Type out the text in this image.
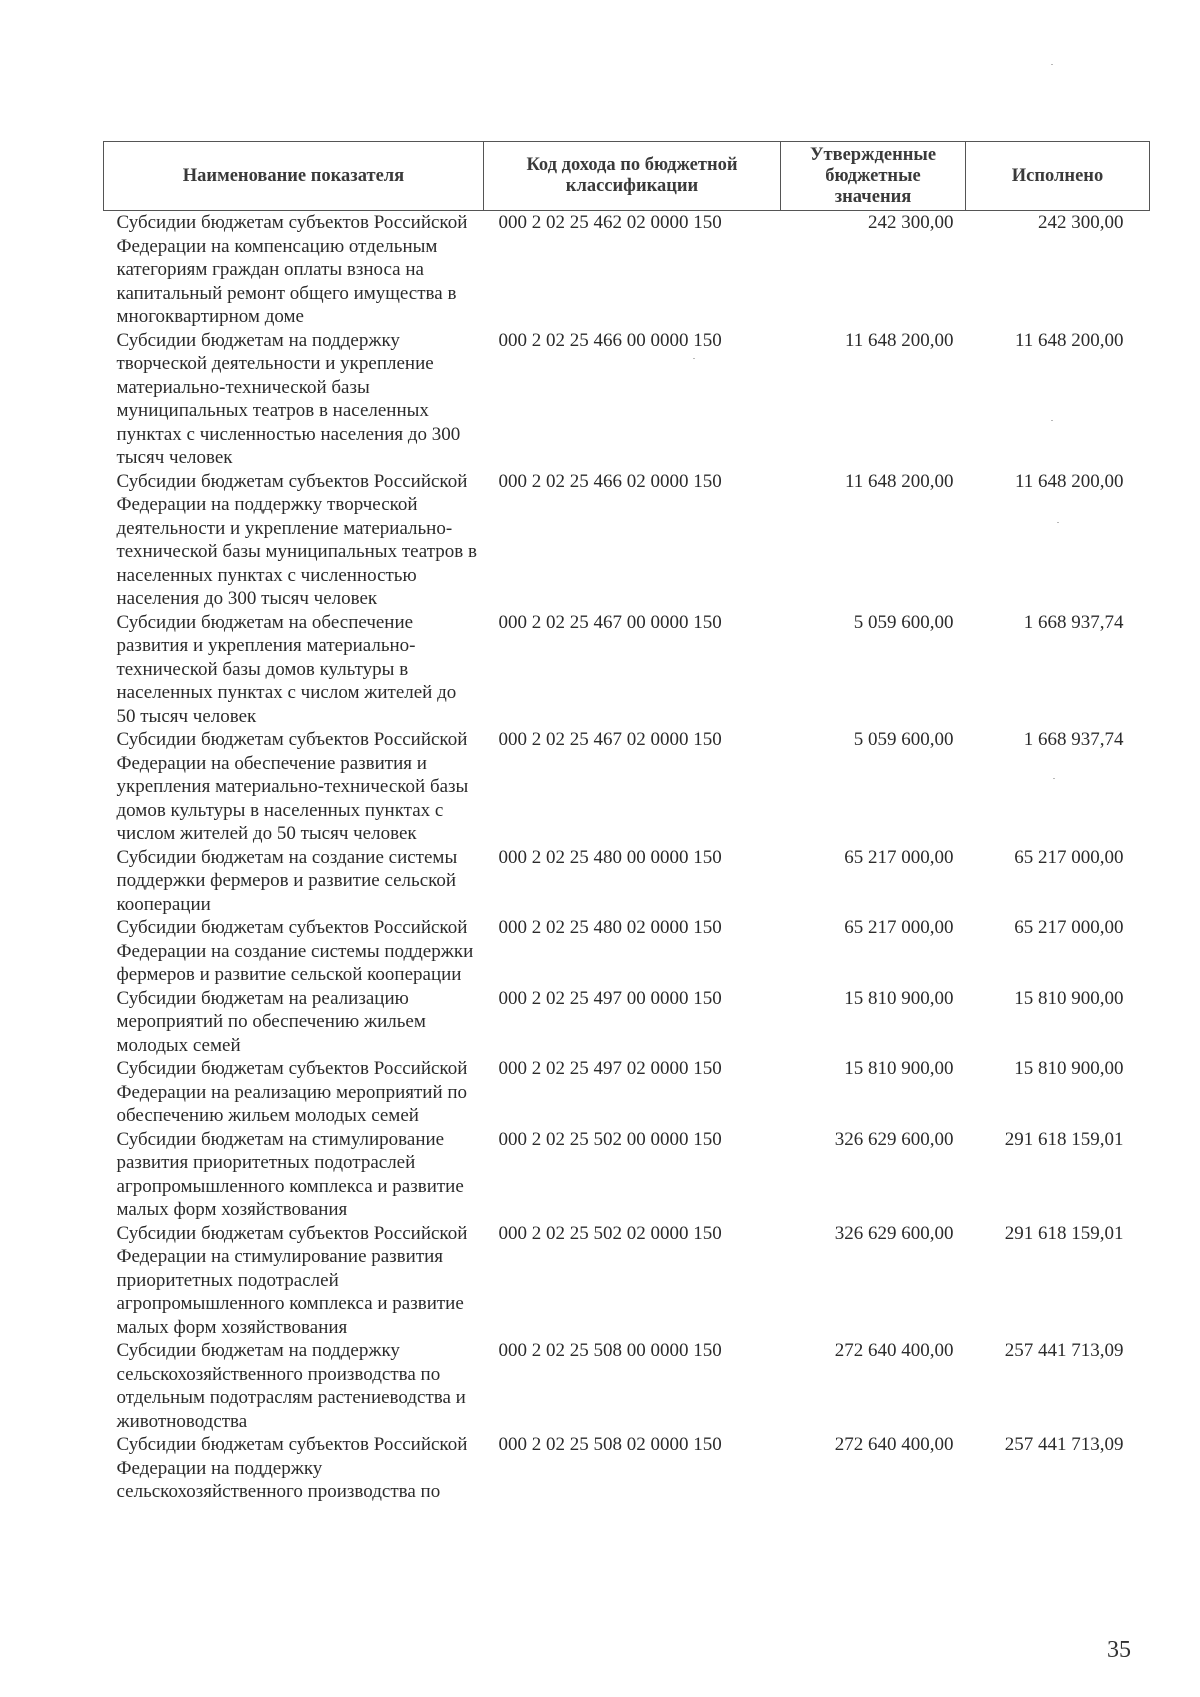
Наименование показателя	Код дохода по бюджетной классификации	Утвержденные бюджетные значения	Исполнено
Субсидии бюджетам субъектов Российской Федерации на компенсацию отдельным категориям граждан оплаты взноса на капитальный ремонт общего имущества в многоквартирном доме	000 2 02 25 462 02 0000 150	242 300,00	242 300,00
Субсидии бюджетам на поддержку творческой деятельности и укрепление материально-технической базы муниципальных театров в населенных пунктах с численностью населения до 300 тысяч человек	000 2 02 25 466 00 0000 150	11 648 200,00	11 648 200,00
Субсидии бюджетам субъектов Российской Федерации на поддержку творческой деятельности и укрепление материально-технической базы муниципальных театров в населенных пунктах с численностью населения до 300 тысяч человек	000 2 02 25 466 02 0000 150	11 648 200,00	11 648 200,00
Субсидии бюджетам на обеспечение развития и укрепления материально-технической базы домов культуры в населенных пунктах с числом жителей до 50 тысяч человек	000 2 02 25 467 00 0000 150	5 059 600,00	1 668 937,74
Субсидии бюджетам субъектов Российской Федерации на обеспечение развития и укрепления материально-технической базы домов культуры в населенных пунктах с числом жителей до 50 тысяч человек	000 2 02 25 467 02 0000 150	5 059 600,00	1 668 937,74
Субсидии бюджетам на создание системы поддержки фермеров и развитие сельской кооперации	000 2 02 25 480 00 0000 150	65 217 000,00	65 217 000,00
Субсидии бюджетам субъектов Российской Федерации на создание системы поддержки фермеров и развитие сельской кооперации	000 2 02 25 480 02 0000 150	65 217 000,00	65 217 000,00
Субсидии бюджетам на реализацию мероприятий по обеспечению жильем молодых семей	000 2 02 25 497 00 0000 150	15 810 900,00	15 810 900,00
Субсидии бюджетам субъектов Российской Федерации на реализацию мероприятий по обеспечению жильем молодых семей	000 2 02 25 497 02 0000 150	15 810 900,00	15 810 900,00
Субсидии бюджетам на стимулирование развития приоритетных подотраслей агропромышленного комплекса и развитие малых форм хозяйствования	000 2 02 25 502 00 0000 150	326 629 600,00	291 618 159,01
Субсидии бюджетам субъектов Российской Федерации на стимулирование развития приоритетных подотраслей агропромышленного комплекса и развитие малых форм хозяйствования	000 2 02 25 502 02 0000 150	326 629 600,00	291 618 159,01
Субсидии бюджетам на поддержку сельскохозяйственного производства по отдельным подотраслям растениеводства и животноводства	000 2 02 25 508 00 0000 150	272 640 400,00	257 441 713,09
Субсидии бюджетам субъектов Российской Федерации на поддержку сельскохозяйственного производства по	000 2 02 25 508 02 0000 150	272 640 400,00	257 441 713,09
35
